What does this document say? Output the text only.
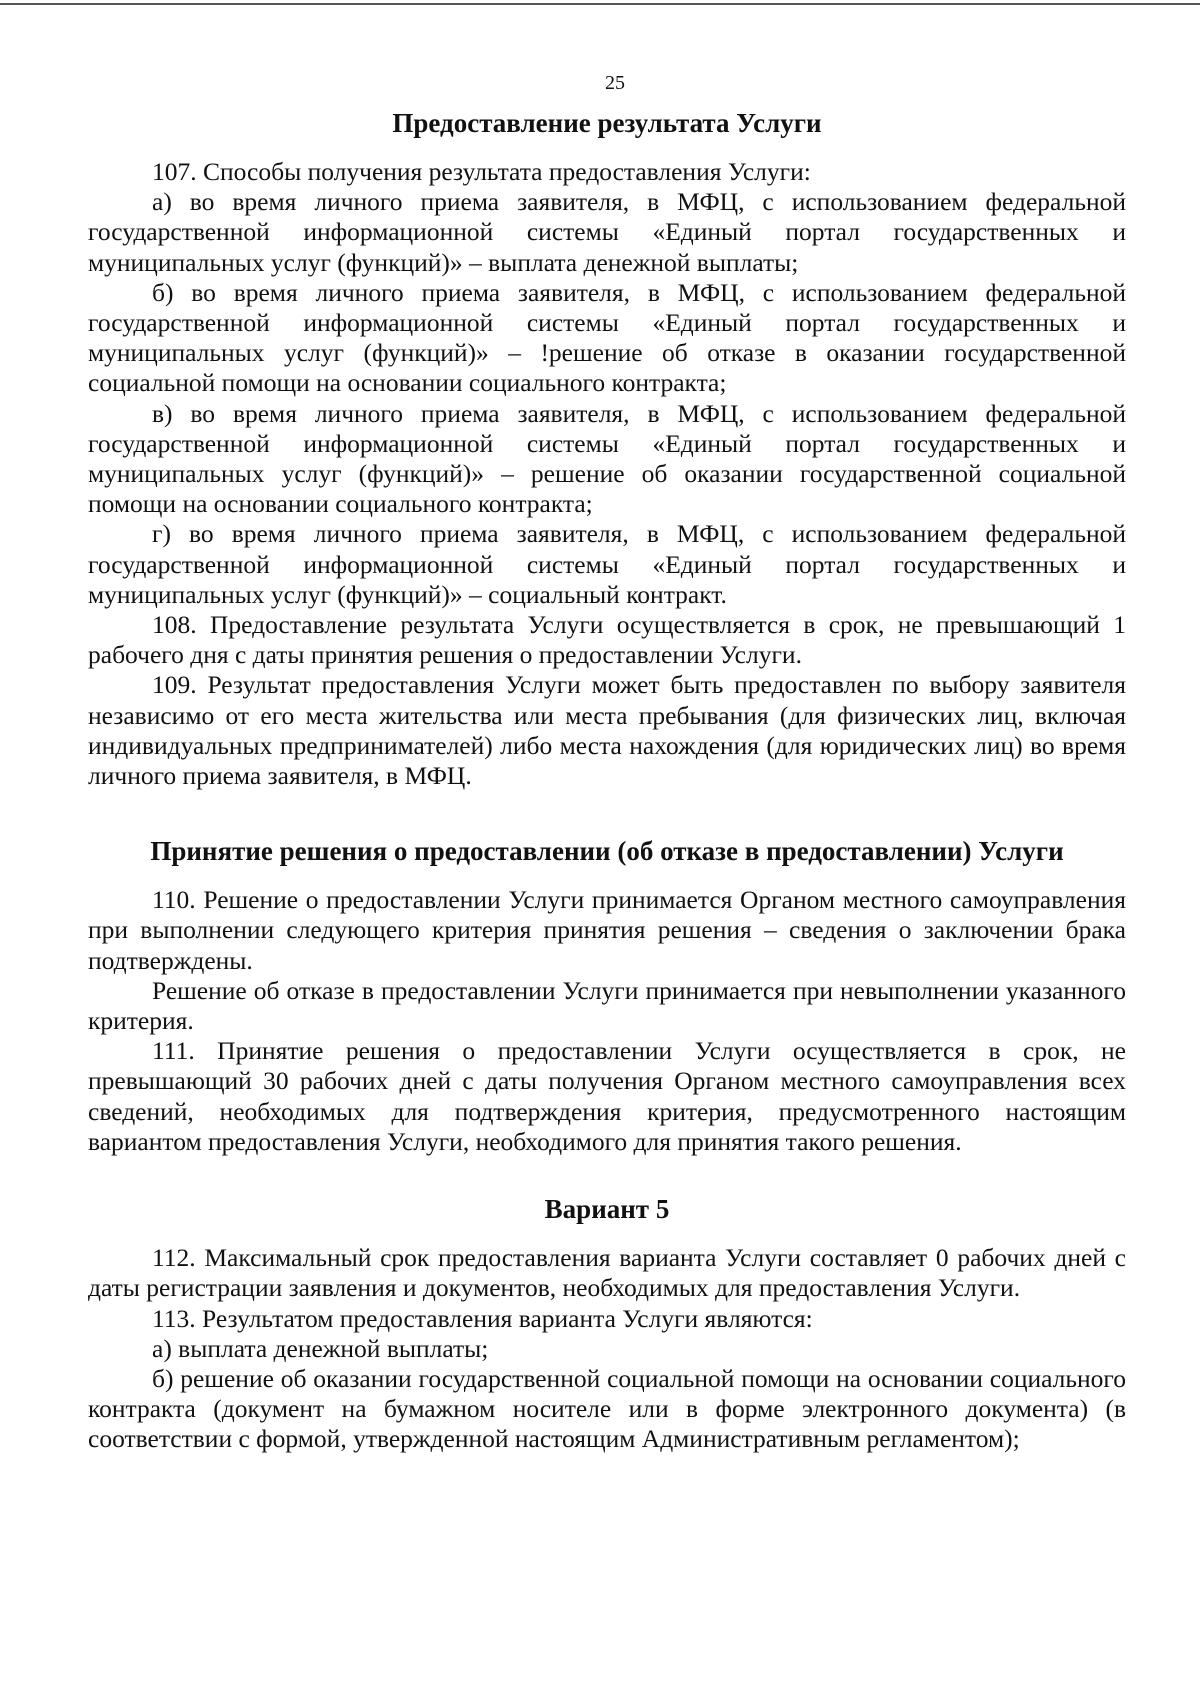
25
Предоставление результата Услуги

107. Способы получения результата предоставления Услуги:

а) во время личного приема заявителя, в МФЦ, с использованием федеральной государственной информационной системы «Единый портал государственных и муниципальных услуг (функций)» – выплата денежной выплаты;

б) во время личного приема заявителя, в МФЦ, с использованием федеральной государственной информационной системы «Единый портал государственных и муниципальных услуг (функций)» – !решение об отказе в оказании государственной социальной помощи на основании социального контракта;

в) во время личного приема заявителя, в МФЦ, с использованием федеральной государственной информационной системы «Единый портал государственных и муниципальных услуг (функций)» – решение об оказании государственной социальной помощи на основании социального контракта;

г) во время личного приема заявителя, в МФЦ, с использованием федеральной государственной информационной системы «Единый портал государственных и муниципальных услуг (функций)» – социальный контракт.

108. Предоставление результата Услуги осуществляется в срок, не превышающий 1 рабочего дня с даты принятия решения о предоставлении Услуги.

109. Результат предоставления Услуги может быть предоставлен по выбору заявителя независимо от его места жительства или места пребывания (для физических лиц, включая индивидуальных предпринимателей) либо места нахождения (для юридических лиц) во время личного приема заявителя, в МФЦ.

Принятие решения о предоставлении (об отказе в предоставлении) Услуги

110. Решение о предоставлении Услуги принимается Органом местного самоуправления при выполнении следующего критерия принятия решения – сведения о заключении брака подтверждены.

Решение об отказе в предоставлении Услуги принимается при невыполнении указанного критерия.

111. Принятие решения о предоставлении Услуги осуществляется в срок, не превышающий 30 рабочих дней с даты получения Органом местного самоуправления всех сведений, необходимых для подтверждения критерия, предусмотренного настоящим вариантом предоставления Услуги, необходимого для принятия такого решения.

Вариант 5

112. Максимальный срок предоставления варианта Услуги составляет 0 рабочих дней с даты регистрации заявления и документов, необходимых для предоставления Услуги.

113. Результатом предоставления варианта Услуги являются:

а) выплата денежной выплаты;

б) решение об оказании государственной социальной помощи на основании социального контракта (документ на бумажном носителе или в форме электронного документа) (в соответствии с формой, утвержденной настоящим Административным регламентом);
